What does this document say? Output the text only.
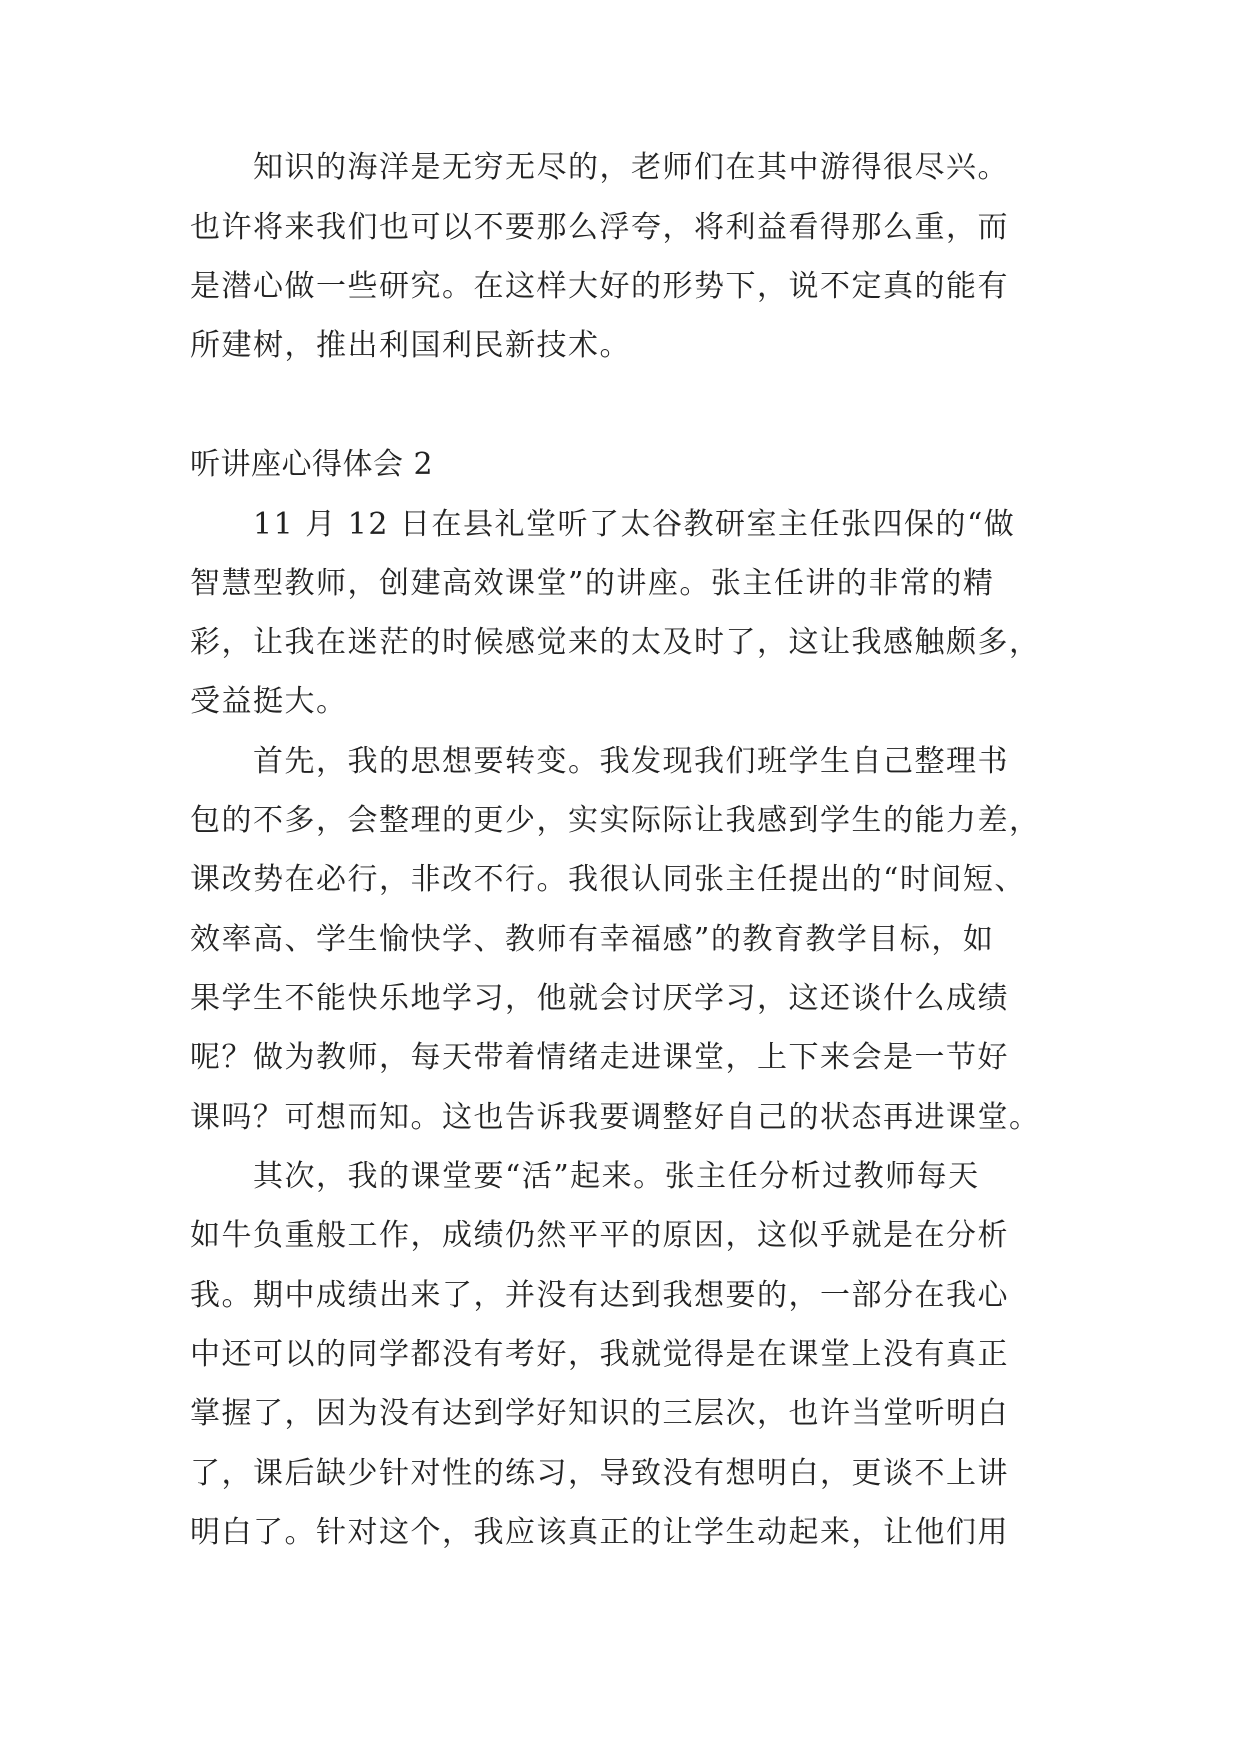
知识的海洋是无穷无尽的，老师们在其中游得很尽兴。
也许将来我们也可以不要那么浮夸，将利益看得那么重，而
是潜心做一些研究。在这样大好的形势下，说不定真的能有
所建树，推出利国利民新技术。
听讲座心得体会 2
11 月 12 日在县礼堂听了太谷教研室主任张四保的“做
智慧型教师，创建高效课堂”的讲座。张主任讲的非常的精
彩，让我在迷茫的时候感觉来的太及时了，这让我感触颇多，
受益挺大。
首先，我的思想要转变。我发现我们班学生自己整理书
包的不多，会整理的更少，实实际际让我感到学生的能力差，
课改势在必行，非改不行。我很认同张主任提出的“时间短、
效率高、学生愉快学、教师有幸福感”的教育教学目标，如
果学生不能快乐地学习，他就会讨厌学习，这还谈什么成绩
呢？做为教师，每天带着情绪走进课堂，上下来会是一节好
课吗？可想而知。这也告诉我要调整好自己的状态再进课堂。
其次，我的课堂要“活”起来。张主任分析过教师每天
如牛负重般工作，成绩仍然平平的原因，这似乎就是在分析
我。期中成绩出来了，并没有达到我想要的，一部分在我心
中还可以的同学都没有考好，我就觉得是在课堂上没有真正
掌握了，因为没有达到学好知识的三层次，也许当堂听明白
了，课后缺少针对性的练习，导致没有想明白，更谈不上讲
明白了。针对这个，我应该真正的让学生动起来，让他们用
